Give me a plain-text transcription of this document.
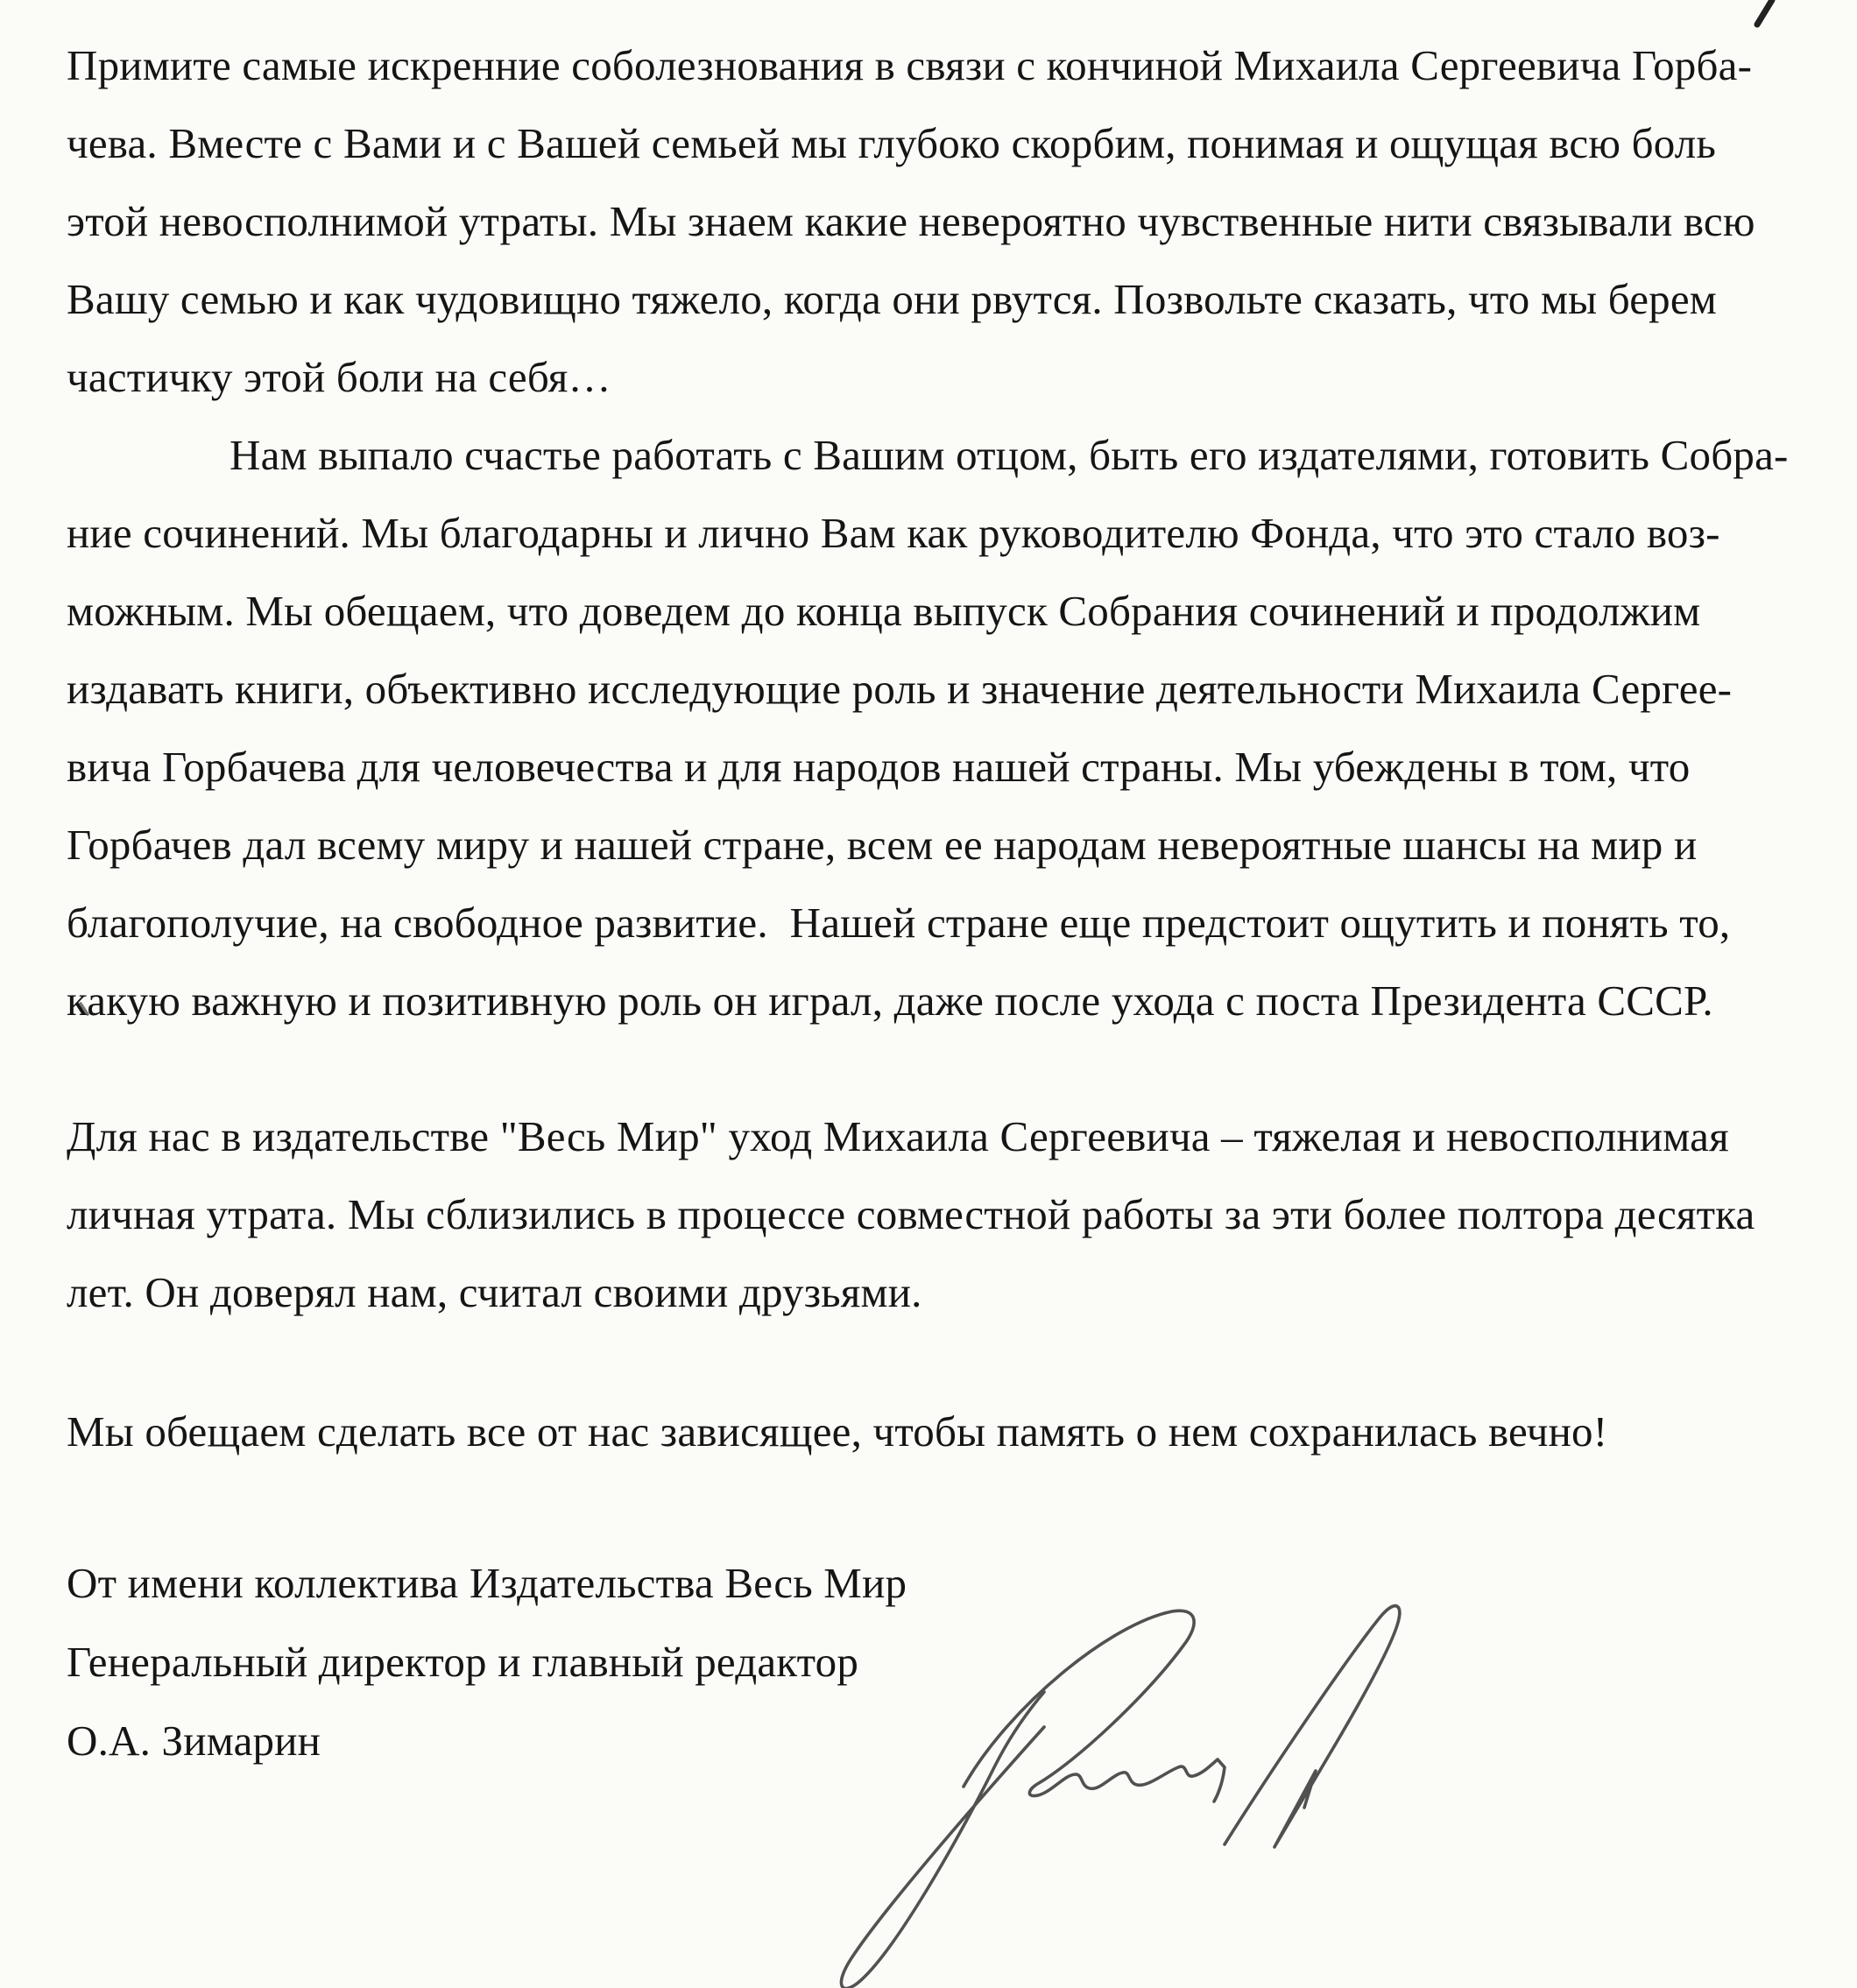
Примите самые искренние соболезнования в связи с кончиной Михаила Сергеевича Горба-
чева. Вместе с Вами и с Вашей семьей мы глубоко скорбим, понимая и ощущая всю боль
этой невосполнимой утраты. Мы знаем какие невероятно чувственные нити связывали всю
Вашу семью и как чудовищно тяжело, когда они рвутся. Позвольте сказать, что мы берем
частичку этой боли на себя…
Нам выпало счастье работать с Вашим отцом, быть его издателями, готовить Собра-
ние сочинений. Мы благодарны и лично Вам как руководителю Фонда, что это стало воз-
можным. Мы обещаем, что доведем до конца выпуск Собрания сочинений и продолжим
издавать книги, объективно исследующие роль и значение деятельности Михаила Сергее-
вича Горбачева для человечества и для народов нашей страны. Мы убеждены в том, что
Горбачев дал всему миру и нашей стране, всем ее народам невероятные шансы на мир и
благополучие, на свободное развитие.  Нашей стране еще предстоит ощутить и понять то,
какую важную и позитивную роль он играл, даже после ухода с поста Президента СССР.
Для нас в издательстве "Весь Мир" уход Михаила Сергеевича – тяжелая и невосполнимая
личная утрата. Мы сблизились в процессе совместной работы за эти более полтора десятка
лет. Он доверял нам, считал своими друзьями.
Мы обещаем сделать все от нас зависящее, чтобы память о нем сохранилась вечно!
От имени коллектива Издательства Весь Мир
Генеральный директор и главный редактор
О.А. Зимарин
